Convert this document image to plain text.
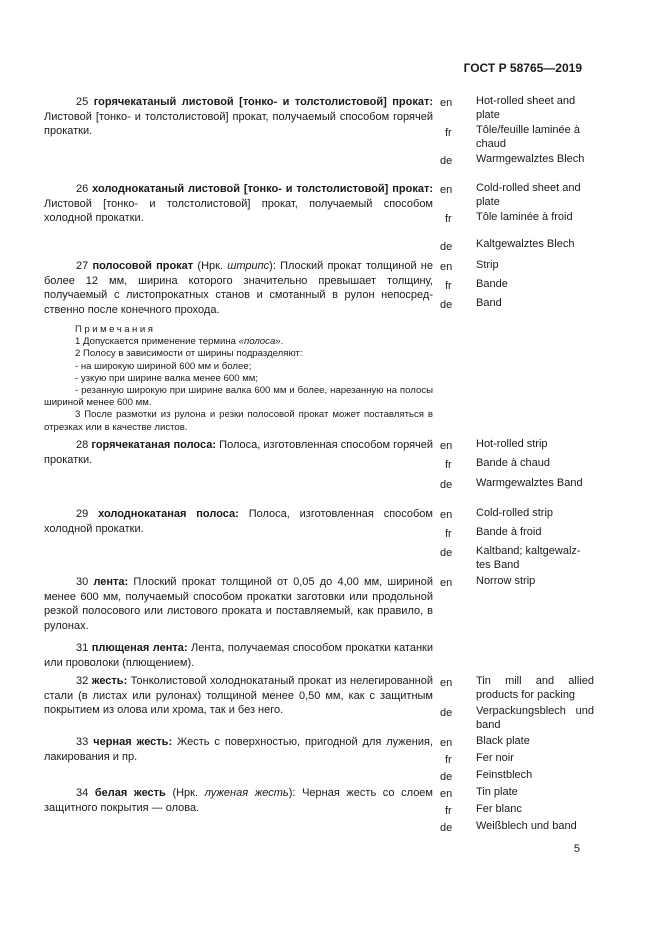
ГОСТ Р 58765—2019

25 горячекатаный листовой [тонко- и толстолистовой] прокат: Листовой [тонко- и толстолистовой] прокат, получаемый способом горячей прокатки.

en	Hot-rolled sheet and plate
fr	Tôle/feuille laminée à chaud
de	Warmgewalztes Blech

26 холоднокатаный листовой [тонко- и толстолистовой] прокат: Листовой [тонко- и толстолистовой] прокат, получаемый способом холодной прокатки.

en	Cold-rolled sheet and plate
fr	Tôle laminée à froid
de	Kaltgewalztes Blech

27 полосовой прокат (Нрк. штрипс): Плоский прокат толщиной не более 12 мм, ширина которого значительно превышает толщину, получаемый с листопрокатных станов и смотанный в рулон непосред-ственно после конечного прохода.

en	Strip
fr	Bande
de	Band

Примечания

1 Допускается применение термина «полоса».

2 Полосу в зависимости от ширины подразделяют:

- на широкую шириной 600 мм и более;

- узкую при ширине валка менее 600 мм;

- резанную широкую при ширине валка 600 мм и более, нарезанную на полосы шириной менее 600 мм.

3 После размотки из рулона и резки полосовой прокат может поставляться в отрезках или в качестве листов.

28 горячекатаная полоса: Полоса, изготовленная способом горячей прокатки.

en	Hot-rolled strip
fr	Bande à chaud
de	Warmgewalztes Band

29 холоднокатаная полоса: Полоса, изготовленная способом холодной прокатки.

en	Cold-rolled strip
fr	Bande à froid
de	Kaltband; kaltgewalz-tes Band

30 лента: Плоский прокат толщиной от 0,05 до 4,00 мм, шириной менее 600 мм, получаемый способом прокатки заготовки или продольной резкой полосового или листового проката и поставляемый, как правило, в рулонах.

en	Norrow strip

31 плющеная лента: Лента, получаемая способом прокатки катанки или проволоки (плющением).

32 жесть: Тонколистовой холоднокатаный прокат из нелегированной стали (в листах или рулонах) толщиной менее 0,50 мм, как с защитным покрытием из олова или хрома, так и без него.

en	Tin mill and allied products for packing
de	Verpackungsblech und band

33 черная жесть: Жесть с поверхностью, пригодной для лужения, лакирования и пр.

en	Black plate
fr	Fer noir
de	Feinstblech

34 белая жесть (Нрк. луженая жесть): Черная жесть со слоем защитного покрытия — олова.

en	Tin plate
fr	Fer blanc
de	Weißblech und band
5
